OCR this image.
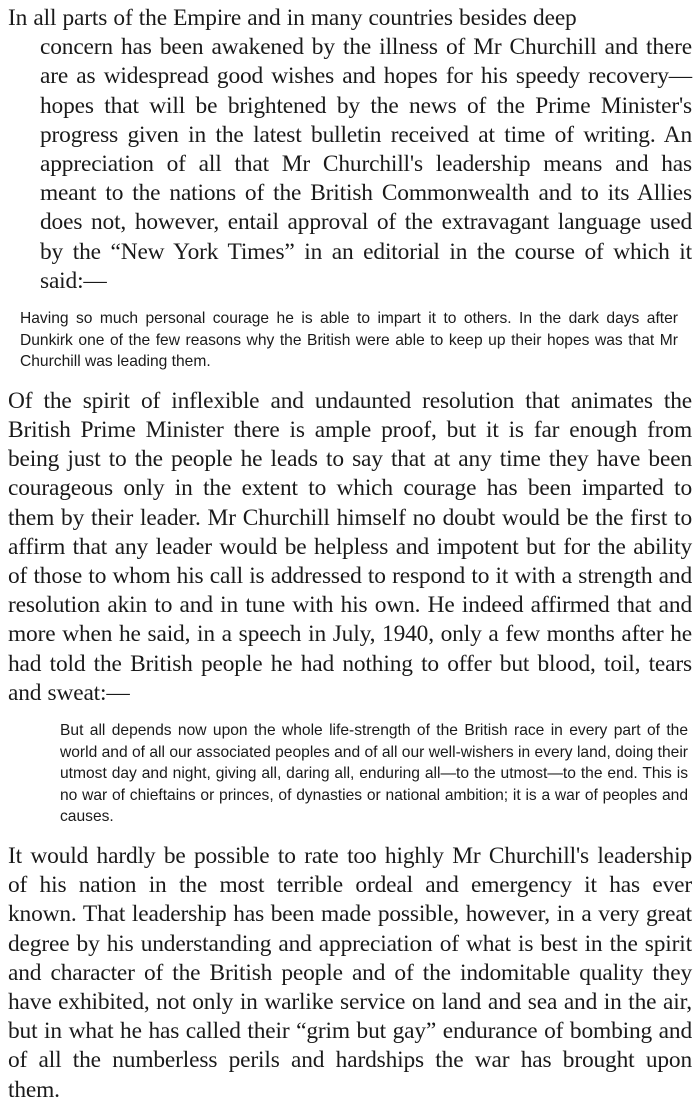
In all parts of the Empire and in many countries besides deep
concern has been awakened by the illness of Mr Churchill and there are as widespread good wishes and hopes for his speedy recovery—hopes that will be brightened by the news of the Prime Minister's progress given in the latest bulletin received at time of writing. An appreciation of all that Mr Churchill's leadership means and has meant to the nations of the British Commonwealth and to its Allies does not, however, entail approval of the extravagant language used by the “New York Times” in an editorial in the course of which it said:—

Having so much personal courage he is able to impart it to others. In the dark days after Dunkirk one of the few reasons why the British were able to keep up their hopes was that Mr Churchill was leading them.

Of the spirit of inflexible and undaunted resolution that animates the British Prime Minister there is ample proof, but it is far enough from being just to the people he leads to say that at any time they have been courageous only in the extent to which courage has been imparted to them by their leader. Mr Churchill himself no doubt would be the first to affirm that any leader would be helpless and impotent but for the ability of those to whom his call is addressed to respond to it with a strength and resolution akin to and in tune with his own. He indeed affirmed that and more when he said, in a speech in July, 1940, only a few months after he had told the British people he had nothing to offer but blood, toil, tears and sweat:—

But all depends now upon the whole life-strength of the British race in every part of the world and of all our associated peoples and of all our well-wishers in every land, doing their utmost day and night, giving all, daring all, enduring all—to the utmost—to the end. This is no war of chieftains or princes, of dynasties or national ambition; it is a war of peoples and causes.

It would hardly be possible to rate too highly Mr Churchill's leadership of his nation in the most terrible ordeal and emergency it has ever known. That leadership has been made possible, however, in a very great degree by his understanding and appreciation of what is best in the spirit and character of the British people and of the indomitable quality they have exhibited, not only in warlike service on land and sea and in the air, but in what he has called their “grim but gay” endurance of bombing and of all the numberless perils and hardships the war has brought upon them.
